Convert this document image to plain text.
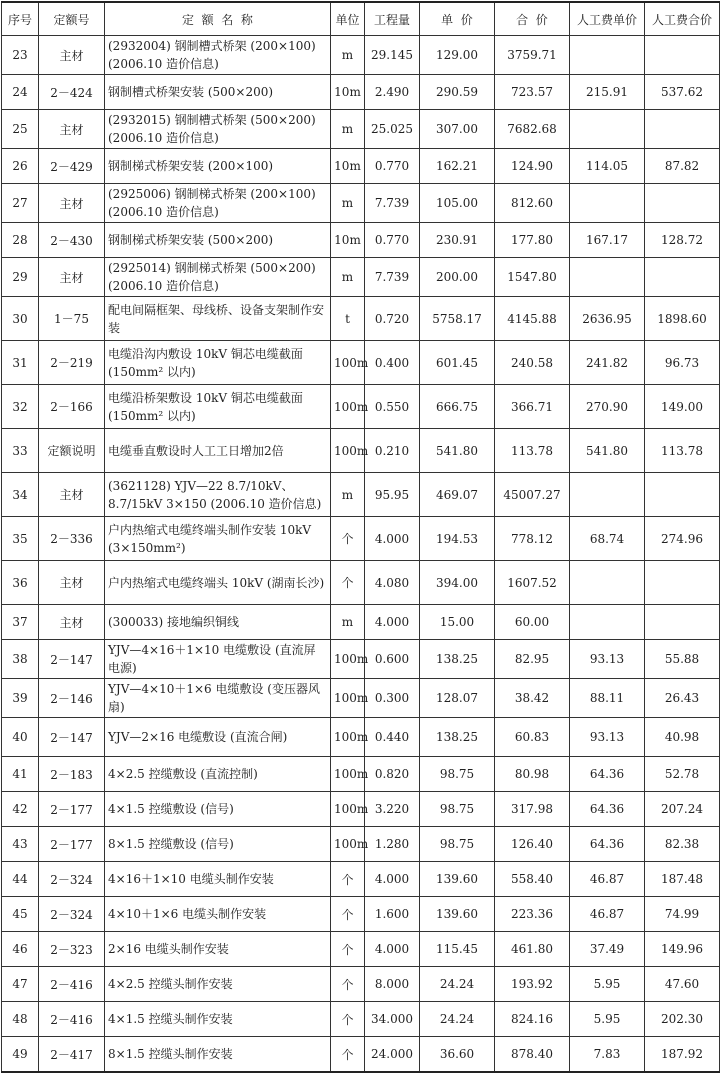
序号	定额号	定  额  名  称	单位	工程量	单  价	合  价	人工费单价	人工费合价
23	主材	(2932004) 钢制槽式桥架 (200×100) (2006.10 造价信息)	m	29.145	129.00	3759.71		
24	2－424	钢制槽式桥架安装 (500×200)	10m	2.490	290.59	723.57	215.91	537.62
25	主材	(2932015) 钢制槽式桥架 (500×200) (2006.10 造价信息)	m	25.025	307.00	7682.68		
26	2－429	钢制梯式桥架安装 (200×100)	10m	0.770	162.21	124.90	114.05	87.82
27	主材	(2925006) 钢制梯式桥架 (200×100) (2006.10 造价信息)	m	7.739	105.00	812.60		
28	2－430	钢制梯式桥架安装 (500×200)	10m	0.770	230.91	177.80	167.17	128.72
29	主材	(2925014) 钢制梯式桥架 (500×200) (2006.10 造价信息)	m	7.739	200.00	1547.80		
30	1－75	配电间隔框架、母线桥、设备支架制作安装	t	0.720	5758.17	4145.88	2636.95	1898.60
31	2－219	电缆沿沟内敷设 10kV 铜芯电缆截面 (150mm² 以内)	100m	0.400	601.45	240.58	241.82	96.73
32	2－166	电缆沿桥架敷设 10kV 铜芯电缆截面 (150mm² 以内)	100m	0.550	666.75	366.71	270.90	149.00
33	定额说明	电缆垂直敷设时人工工日增加2倍	100m	0.210	541.80	113.78	541.80	113.78
34	主材	(3621128) YJV—22 8.7/10kV、8.7/15kV 3×150 (2006.10 造价信息)	m	95.95	469.07	45007.27		
35	2－336	户内热缩式电缆终端头制作安装 10kV (3×150mm²)	个	4.000	194.53	778.12	68.74	274.96
36	主材	户内热缩式电缆终端头 10kV (湖南长沙)	个	4.080	394.00	1607.52		
37	主材	(300033) 接地编织铜线	m	4.000	15.00	60.00		
38	2－147	YJV—4×16＋1×10 电缆敷设 (直流屏电源)	100m	0.600	138.25	82.95	93.13	55.88
39	2－146	YJV—4×10＋1×6 电缆敷设 (变压器风扇)	100m	0.300	128.07	38.42	88.11	26.43
40	2－147	YJV—2×16 电缆敷设 (直流合闸)	100m	0.440	138.25	60.83	93.13	40.98
41	2－183	4×2.5 控缆敷设 (直流控制)	100m	0.820	98.75	80.98	64.36	52.78
42	2－177	4×1.5 控缆敷设 (信号)	100m	3.220	98.75	317.98	64.36	207.24
43	2－177	8×1.5 控缆敷设 (信号)	100m	1.280	98.75	126.40	64.36	82.38
44	2－324	4×16＋1×10 电缆头制作安装	个	4.000	139.60	558.40	46.87	187.48
45	2－324	4×10＋1×6 电缆头制作安装	个	1.600	139.60	223.36	46.87	74.99
46	2－323	2×16 电缆头制作安装	个	4.000	115.45	461.80	37.49	149.96
47	2－416	4×2.5 控缆头制作安装	个	8.000	24.24	193.92	5.95	47.60
48	2－416	4×1.5 控缆头制作安装	个	34.000	24.24	824.16	5.95	202.30
49	2－417	8×1.5 控缆头制作安装	个	24.000	36.60	878.40	7.83	187.92
